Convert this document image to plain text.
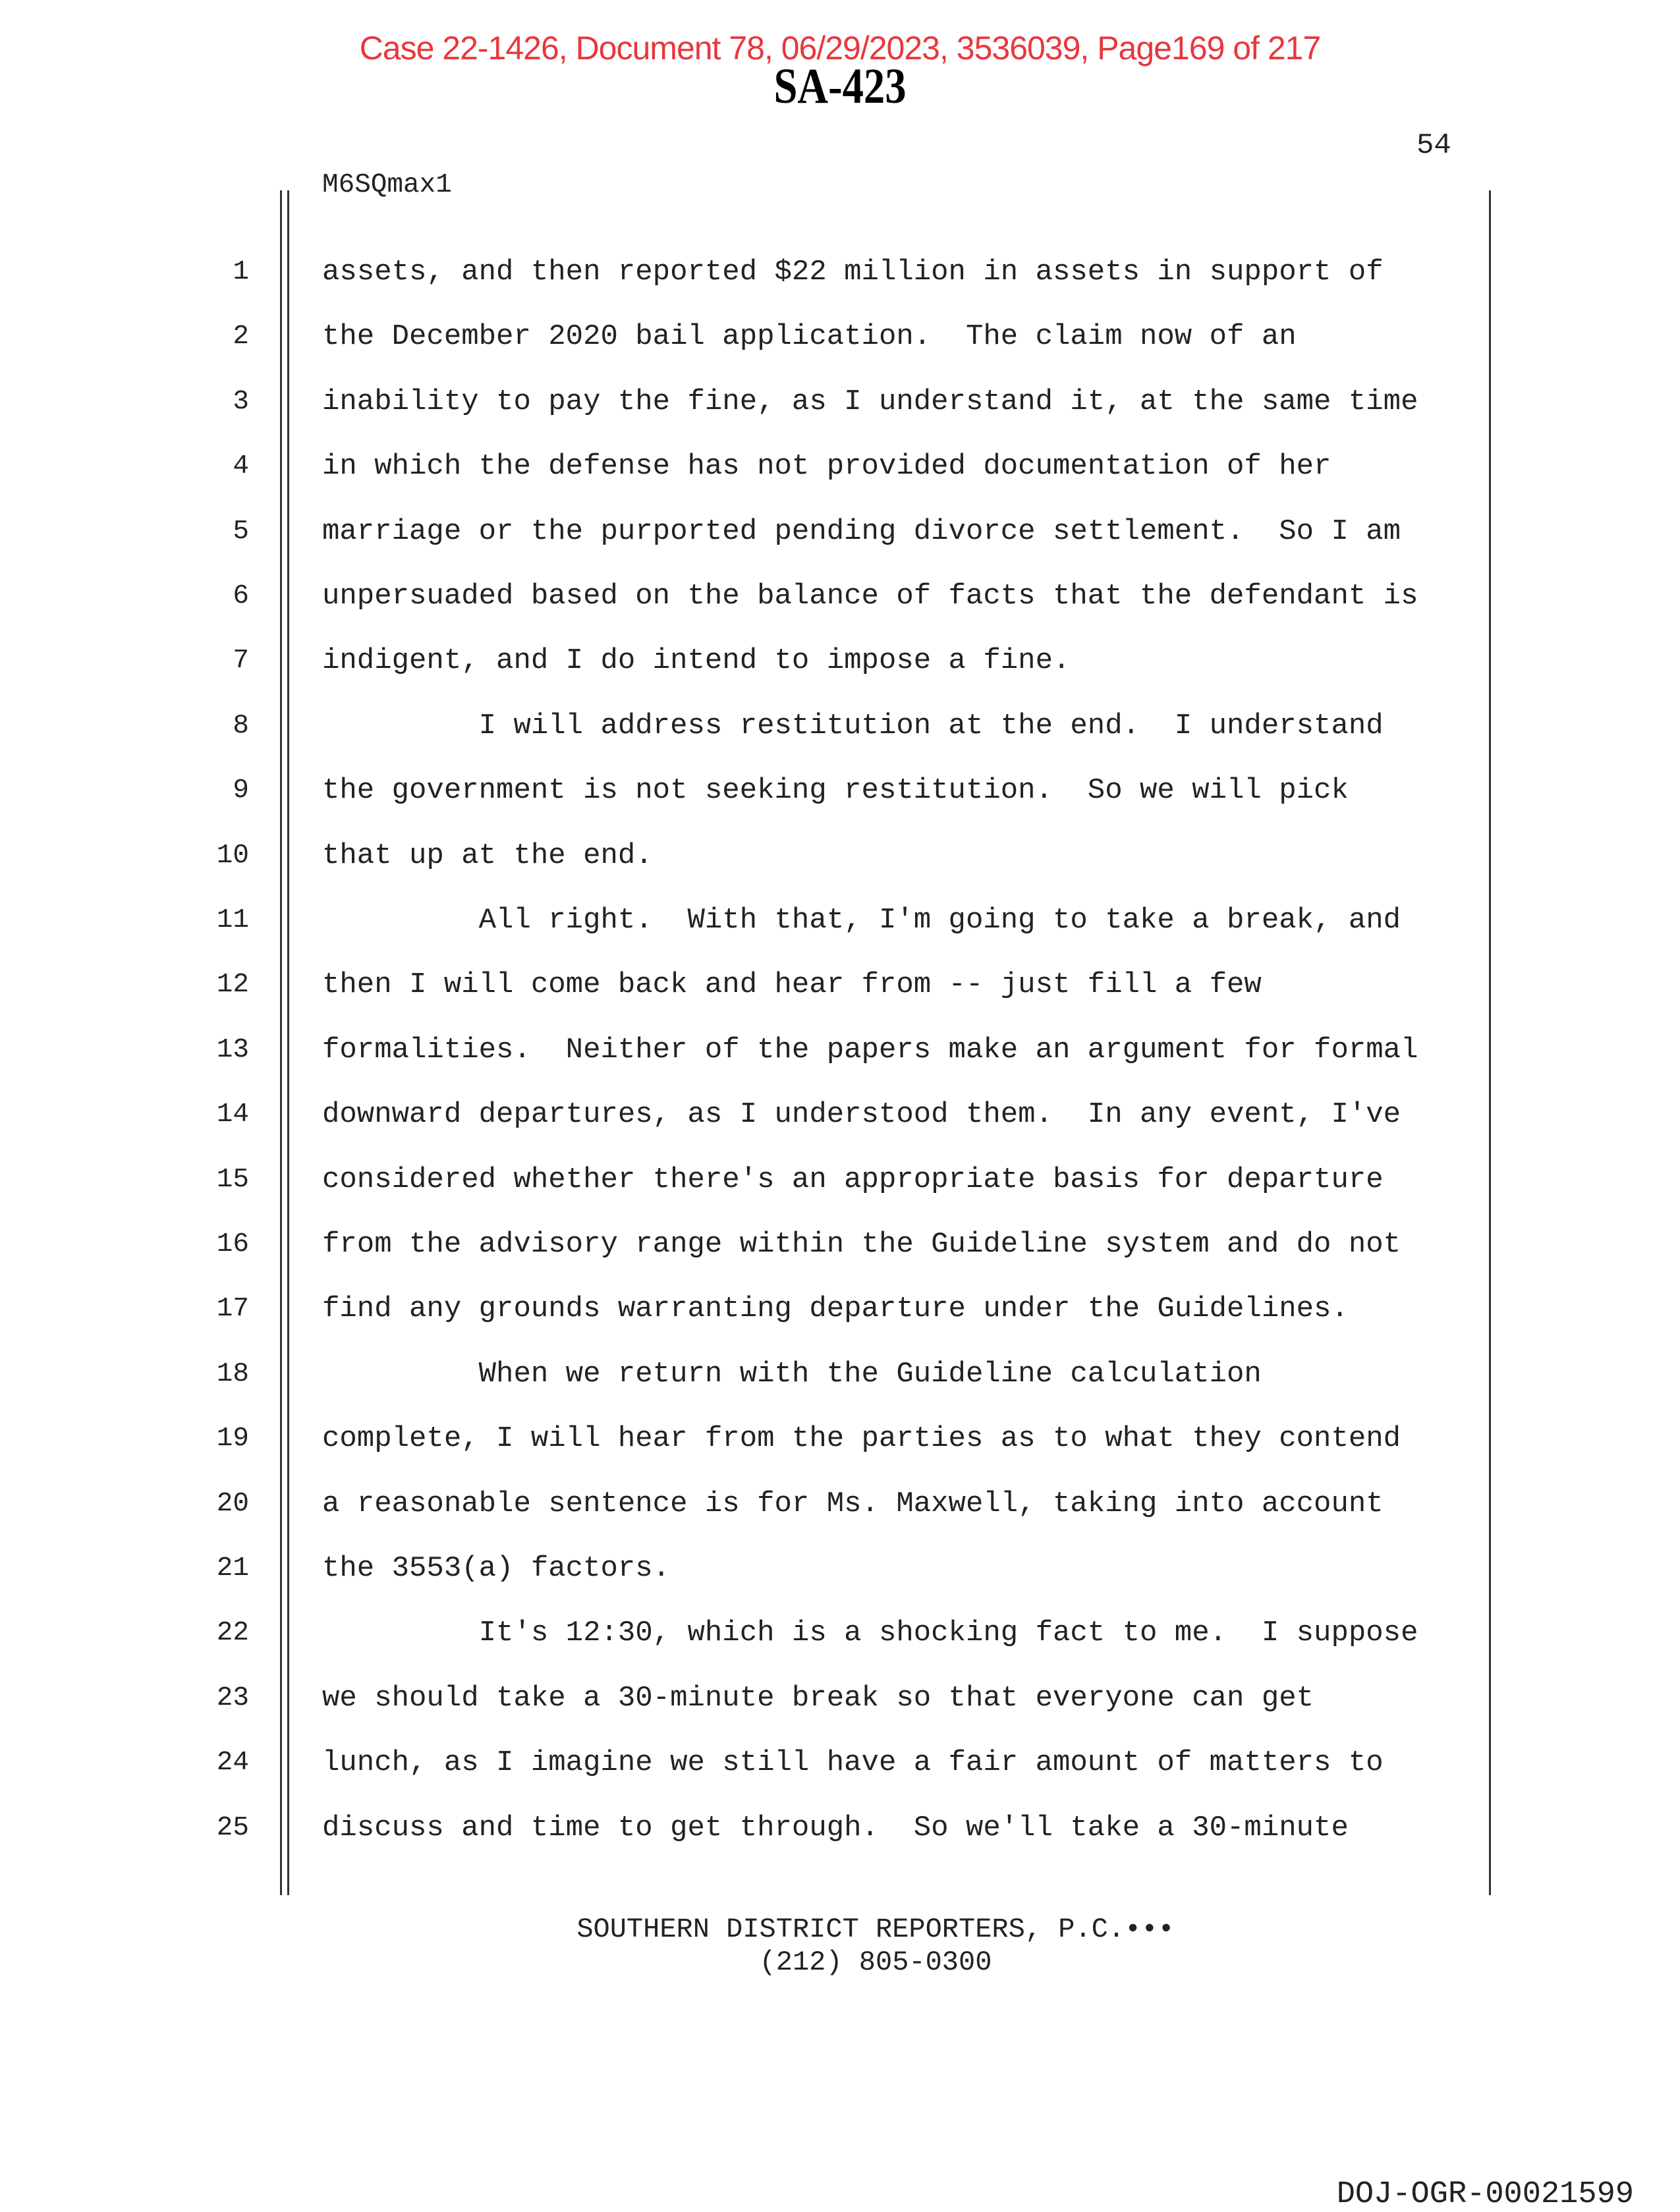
Case 22-1426, Document 78, 06/29/2023, 3536039, Page169 of 217
SA-423
54
M6SQmax1
1	assets, and then reported $22 million in assets in support of
2	the December 2020 bail application.  The claim now of an
3	inability to pay the fine, as I understand it, at the same time
4	in which the defense has not provided documentation of her
5	marriage or the purported pending divorce settlement.  So I am
6	unpersuaded based on the balance of facts that the defendant is
7	indigent, and I do intend to impose a fine.
8	I will address restitution at the end.  I understand
9	the government is not seeking restitution.  So we will pick
10	that up at the end.
11	All right.  With that, I'm going to take a break, and
12	then I will come back and hear from -- just fill a few
13	formalities.  Neither of the papers make an argument for formal
14	downward departures, as I understood them.  In any event, I've
15	considered whether there's an appropriate basis for departure
16	from the advisory range within the Guideline system and do not
17	find any grounds warranting departure under the Guidelines.
18	When we return with the Guideline calculation
19	complete, I will hear from the parties as to what they contend
20	a reasonable sentence is for Ms. Maxwell, taking into account
21	the 3553(a) factors.
22	It's 12:30, which is a shocking fact to me.  I suppose
23	we should take a 30-minute break so that everyone can get
24	lunch, as I imagine we still have a fair amount of matters to
25	discuss and time to get through.  So we'll take a 30-minute
SOUTHERN DISTRICT REPORTERS, P.C.•••
(212) 805-0300
DOJ-OGR-00021599
